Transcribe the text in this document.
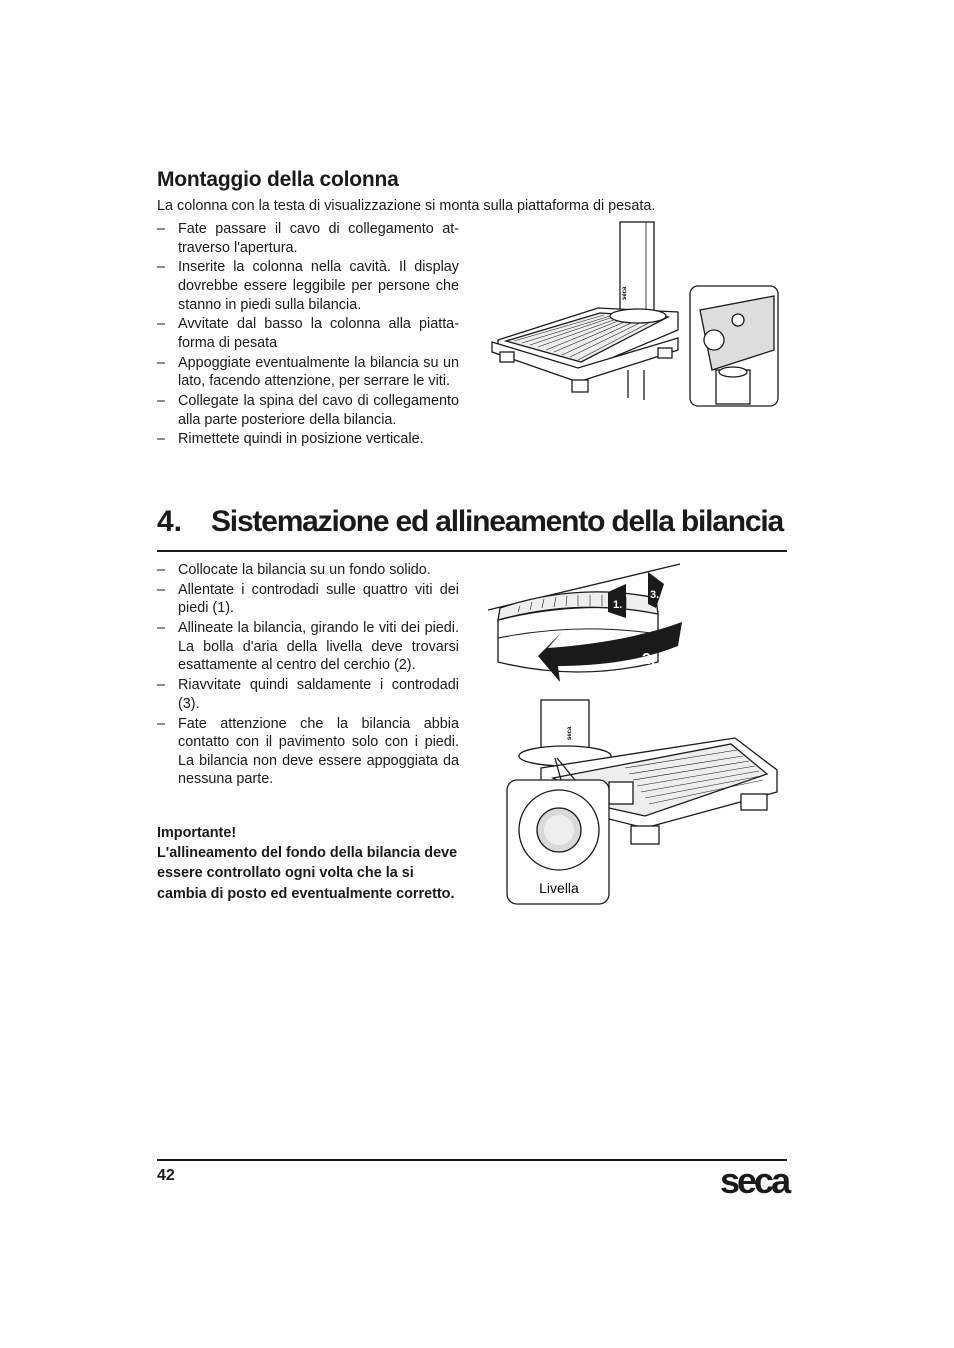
Montaggio della colonna
La colonna con la testa di visualizzazione si monta sulla piattaforma di pesata.
– Fate passare il cavo di collegamento attraverso l'apertura.
– Inserite la colonna nella cavità. Il display dovrebbe essere leggibile per persone che stanno in piedi sulla bilancia.
– Avvitate dal basso la colonna alla piattaforma di pesata
– Appoggiate eventualmente la bilancia su un lato, facendo attenzione, per serrare le viti.
– Collegate la spina del cavo di collegamento alla parte posteriore della bilancia.
– Rimettete quindi in posizione verticale.
seca
4. Sistemazione ed allineamento della bilancia
– Collocate la bilancia su un fondo solido.
– Allentate i controdadi sulle quattro viti dei piedi (1).
– Allineate la bilancia, girando le viti dei piedi. La bolla d'aria della livella deve trovarsi esattamente al centro del cerchio (2).
– Riavvitate quindi saldamente i controdadi (3).
– Fate attenzione che la bilancia abbia contatto con il pavimento solo con i piedi. La bilancia non deve essere appoggiata da nessuna parte.
Importante!
L'allineamento del fondo della bilancia deve essere controllato ogni volta che la si cambia di posto ed eventualmente corretto.
1.
2.
3.
Livella
seca
42	seca
